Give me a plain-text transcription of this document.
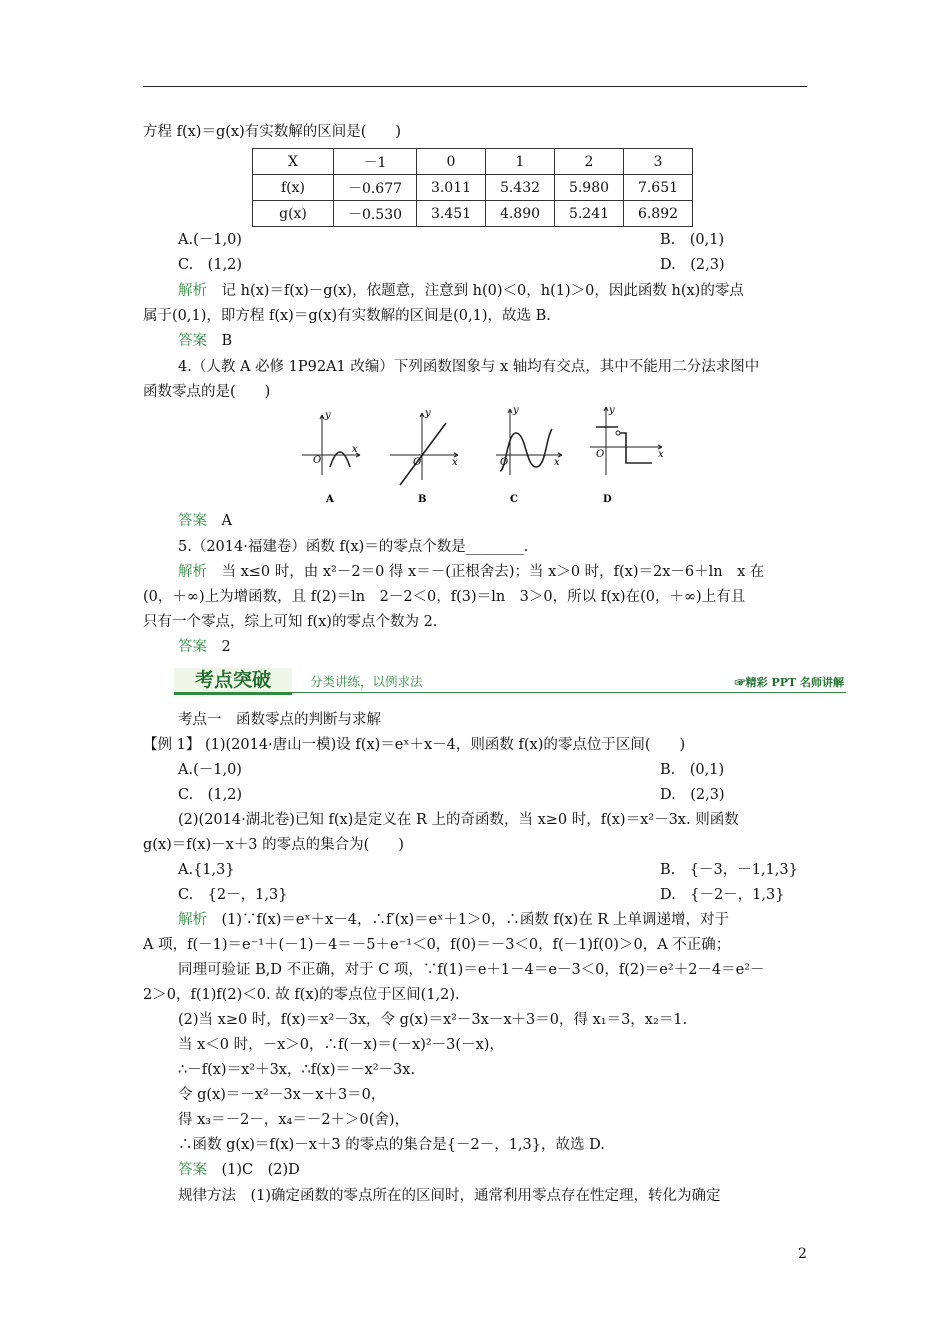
方程 f(x)＝g(x)有实数解的区间是(　　)
X	－1	0	1	2	3
f(x)	－0.677	3.011	5.432	5.980	7.651
g(x)	－0.530	3.451	4.890	5.241	6.892
A.(－1,0)	B.　(0,1)
C.　(1,2)	D.　(2,3)
解析　记 h(x)＝f(x)－g(x)，依题意，注意到 h(0)＜0，h(1)＞0，因此函数 h(x)的零点
属于(0,1)，即方程 f(x)＝g(x)有实数解的区间是(0,1)，故选 B.
答案　B
4.（人教 A 必修 1P92A1 改编）下列函数图象与 x 轴均有交点，其中不能用二分法求图中
函数零点的是(　　)
O
x
y
A
O	x
y
B
O	x
y
C
O	x
y
D
答案　A
5.（2014·福建卷）函数 f(x)＝的零点个数是________.
解析　当 x≤0 时，由 x²－2＝0 得 x＝－(正根舍去)；当 x＞0 时，f(x)＝2x－6＋ln　x 在
(0，＋∞)上为增函数，且 f(2)＝ln　2－2＜0，f(3)＝ln　3＞0，所以 f(x)在(0，＋∞)上有且
只有一个零点，综上可知 f(x)的零点个数为 2.
答案　2
考点突破	分类讲练，以例求法	☞精彩 PPT 名师讲解
考点一　函数零点的判断与求解
【例 1】 (1)(2014·唐山一模)设 f(x)＝eˣ＋x－4，则函数 f(x)的零点位于区间(　　)
A.(－1,0)	B.　(0,1)
C.　(1,2)	D.　(2,3)
(2)(2014·湖北卷)已知 f(x)是定义在 R 上的奇函数，当 x≥0 时，f(x)＝x²－3x. 则函数
g(x)＝f(x)－x＋3 的零点的集合为(　　)
A.{1,3}	B.　{－3，－1,1,3}
C.　{2－，1,3}	D.　{－2－，1,3}
解析　(1)∵f(x)＝eˣ＋x－4，∴f′(x)＝eˣ＋1＞0，∴函数 f(x)在 R 上单调递增，对于
A 项，f(－1)＝e⁻¹＋(－1)－4＝－5＋e⁻¹＜0，f(0)＝－3＜0，f(－1)f(0)＞0，A 不正确；
同理可验证 B,D 不正确，对于 C 项，∵f(1)＝e＋1－4＝e－3＜0，f(2)＝e²＋2－4＝e²－
2＞0，f(1)f(2)＜0. 故 f(x)的零点位于区间(1,2).
(2)当 x≥0 时，f(x)＝x²－3x，令 g(x)＝x²－3x－x＋3＝0，得 x₁＝3，x₂＝1.
当 x＜0 时，－x＞0，∴f(－x)＝(－x)²－3(－x)，
∴－f(x)＝x²＋3x，∴f(x)＝－x²－3x.
令 g(x)＝－x²－3x－x＋3＝0，
得 x₃＝－2－，x₄＝－2＋＞0(舍)，
∴函数 g(x)＝f(x)－x＋3 的零点的集合是{－2－，1,3}，故选 D.
答案　(1)C　(2)D
规律方法　(1)确定函数的零点所在的区间时，通常利用零点存在性定理，转化为确定
2
